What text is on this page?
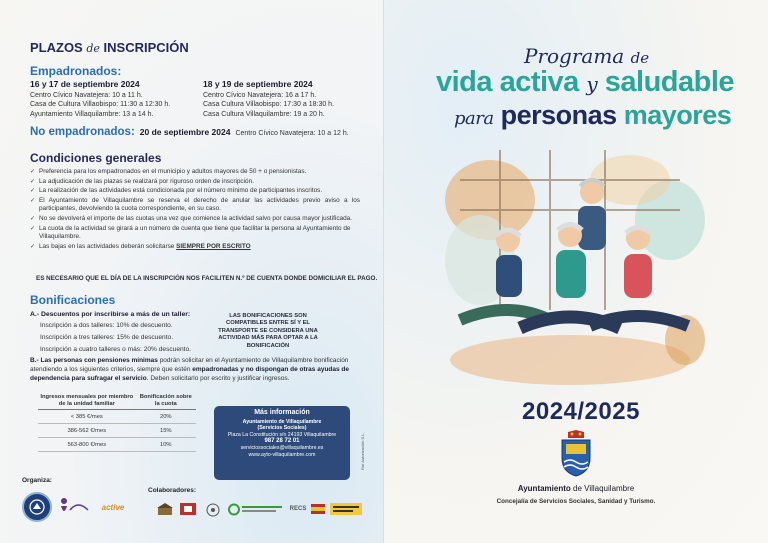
PLAZOS de INSCRIPCIÓN
Empadronados:
16 y 17 de septiembre 2024
Centro Cívico Navatejera: 10 a 11 h.
Casa de Cultura Villaobispo: 11:30 a 12:30 h.
Ayuntamiento Villaquilambre: 13 a 14 h.
18 y 19 de septiembre 2024
Centro Cívico Navatejera: 16 a 17 h.
Casa Cultura Villaobispo: 17:30 a 18:30 h.
Casa Cultura Villaquilambre: 19 a 20 h.
No empadronados: 20 de septiembre 2024 Centro Cívico Navatejera: 10 a 12 h.
Condiciones generales
✓ Preferencia para los empadronados en el municipio y adultos mayores de 50 + o pensionistas.
✓ La adjudicación de las plazas se realizará por riguroso orden de inscripción.
✓ La realización de las actividades está condicionada por el número mínimo de participantes inscritos.
✓ El Ayuntamiento de Villaquilambre se reserva el derecho de anular las actividades previo aviso a los participantes, devolviendo la cuota correspondiente, en su caso.
✓ No se devolverá el importe de las cuotas una vez que comience la actividad salvo por causa mayor justificada.
✓ La cuota de la actividad se girará a un número de cuenta que tiene que facilitar la persona al Ayuntamiento de Villaquilambre.
✓ Las bajas en las actividades deberán solicitarse SIEMPRE POR ESCRITO
ES NECESARIO QUE EL DÍA DE LA INSCRIPCIÓN NOS FACILITEN N.º DE CUENTA DONDE DOMICILIAR EL PAGO.
Bonificaciones
A.- Descuentos por inscribirse a más de un taller:
Inscripción a dos talleres: 10% de descuento.
Inscripción a tres talleres: 15% de descuento.
Inscripción a cuatro talleres o más: 20% descuento.
LAS BONIFICACIONES SON COMPATIBLES ENTRE SÍ Y EL TRANSPORTE SE CONSIDERA UNA ACTIVIDAD MÁS PARA OPTAR A LA BONIFICACIÓN
B.- Las personas con pensiones mínimas podrán solicitar en el Ayuntamiento de Villaquilambre bonificación atendiendo a los siguientes criterios, siempre que estén empadronadas y no dispongan de otras ayudas de dependencia para sufragar el servicio. Deben solicitarlo por escrito y justificar ingresos.
Ingresos mensuales por miembro de la unidad familiar	Bonificación sobre la cuota
< 385 €/mes	20%
386-562 €/mes	15%
563-800 €/mes	10%
Más información
Ayuntamiento de Villaquilambre
(Servicios Sociales)
Plaza La Constitución s/n 24193 Villaquilambre
987 28 72 01
serviciossociales@villaquilambre.es
www.ayto-villaquilambre.com	Ral·Autorización S.L.
Organiza:
Colaboradores:
active	RECS
Programa de
vida activa y saludable
para personas mayores
2024/2025
Ayuntamiento de Villaquilambre
Concejalía de Servicios Sociales, Sanidad y Turismo.
